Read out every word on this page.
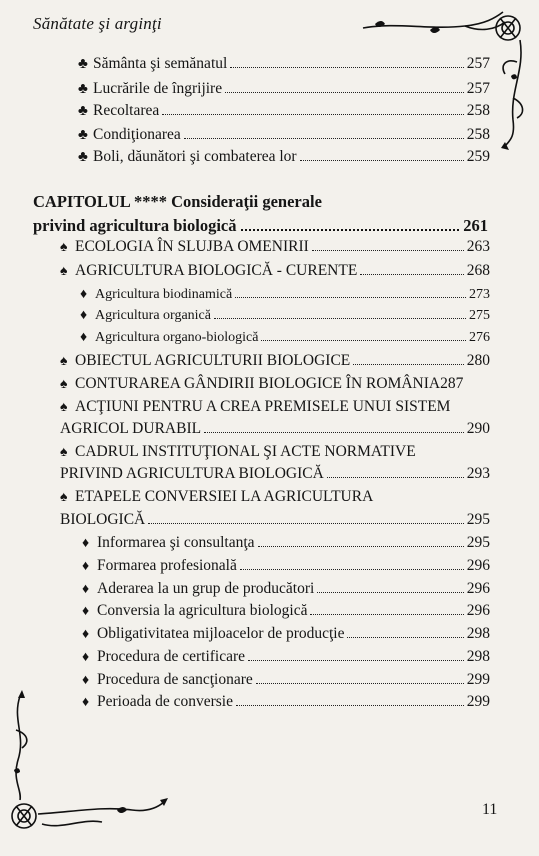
Sănătate şi arginţi
♣ Sământa şi semănatul	257
♣ Lucrările de îngrijire	257
♣ Recoltarea	258
♣ Condiţionarea	258
♣ Boli, dăunători şi combaterea lor	259
CAPITOLUL **** Consideraţii generale
privind agricultura biologică	261
♠ ECOLOGIA ÎN SLUJBA OMENIRII	263
♠ AGRICULTURA BIOLOGICĂ - CURENTE	268
♦ Agricultura biodinamică	273
♦ Agricultura organică	275
♦ Agricultura organo-biologică	276
♠ OBIECTUL AGRICULTURII BIOLOGICE	280
♠ CONTURAREA GÂNDIRII BIOLOGICE ÎN ROMÂNIA 287
♠ ACŢIUNI PENTRU A CREA PREMISELE UNUI SISTEM
AGRICOL DURABIL	290
♠ CADRUL INSTITUŢIONAL ŞI ACTE NORMATIVE
PRIVIND AGRICULTURA BIOLOGICĂ	293
♠ ETAPELE CONVERSIEI LA AGRICULTURA
BIOLOGICĂ	295
♦ Informarea şi consultanţa	295
♦ Formarea profesională	296
♦ Aderarea la un grup de producători	296
♦ Conversia la agricultura biologică	296
♦ Obligativitatea mijloacelor de producţie	298
♦ Procedura de certificare	298
♦ Procedura de sancţionare	299
♦ Perioada de conversie	299
11
